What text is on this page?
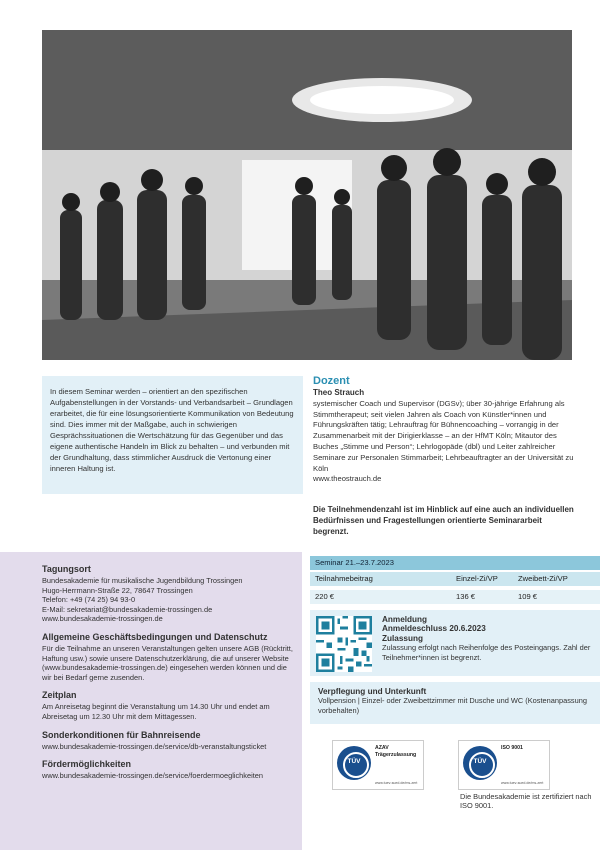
In diesem Seminar werden – orientiert an den spezifischen Aufgabenstellungen in der Vorstands- und Verbandsarbeit – Grundlagen erarbeitet, die für eine lösungsorientierte Kommunikation von Bedeutung sind. Dies immer mit der Maßgabe, auch in schwierigen Gesprächssituationen die Wertschätzung für das Gegenüber und das eigene authentische Handeln im Blick zu behalten – und verbunden mit der Grundhaltung, dass stimmlicher Ausdruck die Vertonung einer inneren Haltung ist.

Dozent
Theo Strauch
systemischer Coach und Supervisor (DGSv); über 30-jährige Erfahrung als Stimmtherapeut; seit vielen Jahren als Coach von Künstler*innen und Führungskräften tätig; Lehrauftrag für Bühnencoaching – vorrangig in der Zusammenarbeit mit der Dirigierklasse – an der HfMT Köln; Mitautor des Buches „Stimme und Person“; Lehrlogopäde (dbl) und Leiter zahlreicher Seminare zur Personalen Stimmarbeit; Lehrbeauftragter an der Universität zu Köln
www.theostrauch.de
Die Teilnehmendenzahl ist im Hinblick auf eine auch an individuellen Bedürfnissen und Fragestellungen orientierte Seminararbeit begrenzt.
Tagungsort
Bundesakademie für musikalische Jugendbildung Trossingen
Hugo-Herrmann-Straße 22, 78647 Trossingen
Telefon: +49 (74 25) 94 93-0
E-Mail: sekretariat@bundesakademie-trossingen.de
www.bundesakademie-trossingen.de
Allgemeine Geschäftsbedingungen und Datenschutz
Für die Teilnahme an unseren Veranstaltungen gelten unsere AGB (Rücktritt, Haftung usw.) sowie unsere Datenschutzerklärung, die auf unserer Website (www.bundesakademie-trossingen.de) eingesehen werden können und die wir bei Bedarf gerne zusenden.
Zeitplan
Am Anreisetag beginnt die Veranstaltung um 14.30 Uhr und endet am Abreisetag um 12.30 Uhr mit dem Mittagessen.
Sonderkonditionen für Bahnreisende
www.bundesakademie-trossingen.de/service/db-veranstaltungsticket
Fördermöglichkeiten
www.bundesakademie-trossingen.de/service/foerdermoeglichkeiten
Seminar 21.–23.7.2023
Teilnahmebeitrag	Einzel-Zi/VP	Zweibett-Zi/VP
220 €	136 €	109 €
Anmeldung
Anmeldeschluss 20.6.2023
Zulassung
Zulassung erfolgt nach Reihenfolge des Posteingangs. Zahl der Teilnehmer*innen ist begrenzt.
Verpflegung und Unterkunft
Vollpension | Einzel- oder Zweibettzimmer mit Dusche und WC (Kostenanpassung vorbehalten)
TÜV
AZAV Trägerzulassung
www.tuev-sued.de/ms-zert
TÜV
ISO 9001
www.tuev-sued.de/ms-zert
Die Bundesakademie ist zertifiziert nach ISO 9001.
